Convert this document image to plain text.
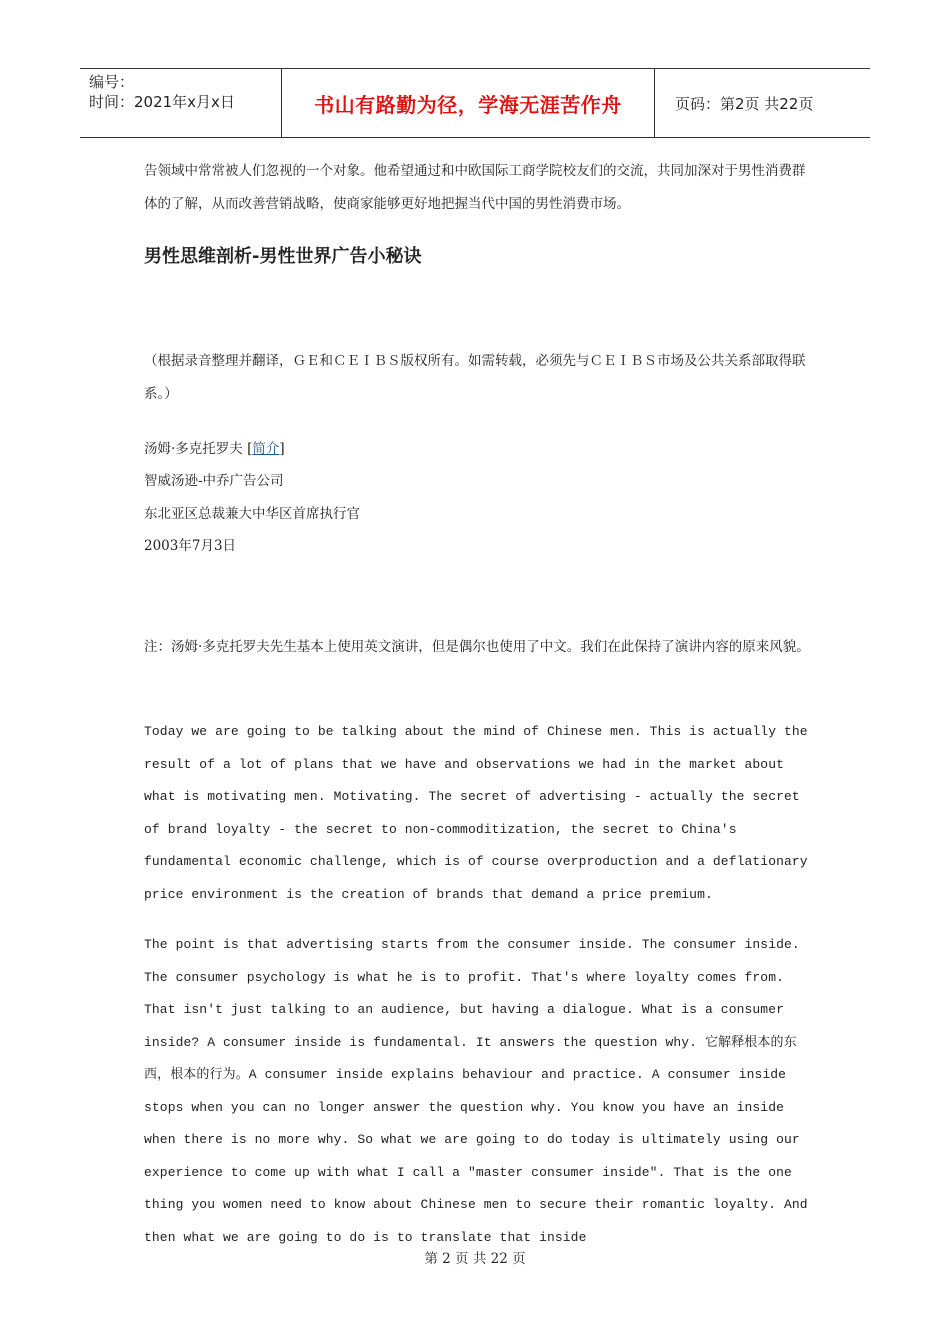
编号：
时间：2021年x月x日	书山有路勤为径，学海无涯苦作舟	页码：第2页 共22页
告领域中常常被人们忽视的一个对象。他希望通过和中欧国际工商学院校友们的交流，共同加深对于男性消费群体的了解，从而改善营销战略，使商家能够更好地把握当代中国的男性消费市场。
男性思维剖析-男性世界广告小秘诀
（根据录音整理并翻译，ＧＥ和ＣＥＩＢＳ版权所有。如需转载，必须先与ＣＥＩＢＳ市场及公共关系部取得联系。）
汤姆·多克托罗夫 [简介]
智威汤逊-中乔广告公司
东北亚区总裁兼大中华区首席执行官
2003年7月3日
注：汤姆·多克托罗夫先生基本上使用英文演讲，但是偶尔也使用了中文。我们在此保持了演讲内容的原来风貌。
Today we are going to be talking about the mind of Chinese men. This is actually the result of a lot of plans that we have and observations we had in the market about what is motivating men. Motivating. The secret of advertising - actually the secret of brand loyalty - the secret to non-commoditization, the secret to China's fundamental economic challenge, which is of course overproduction and a deflationary price environment is the creation of brands that demand a price premium.
The point is that advertising starts from the consumer inside. The consumer inside. The consumer psychology is what he is to profit. That's where loyalty comes from. That isn't just talking to an audience, but having a dialogue. What is a consumer inside? A consumer inside is fundamental. It answers the question why. 它解释根本的东西，根本的行为。A consumer inside explains behaviour and practice. A consumer inside stops when you can no longer answer the question why. You know you have an inside when there is no more why. So what we are going to do today is ultimately using our experience to come up with what I call a "master consumer inside". That is the one thing you women need to know about Chinese men to secure their romantic loyalty. And then what we are going to do is to translate that inside
第 2 页 共 22 页
